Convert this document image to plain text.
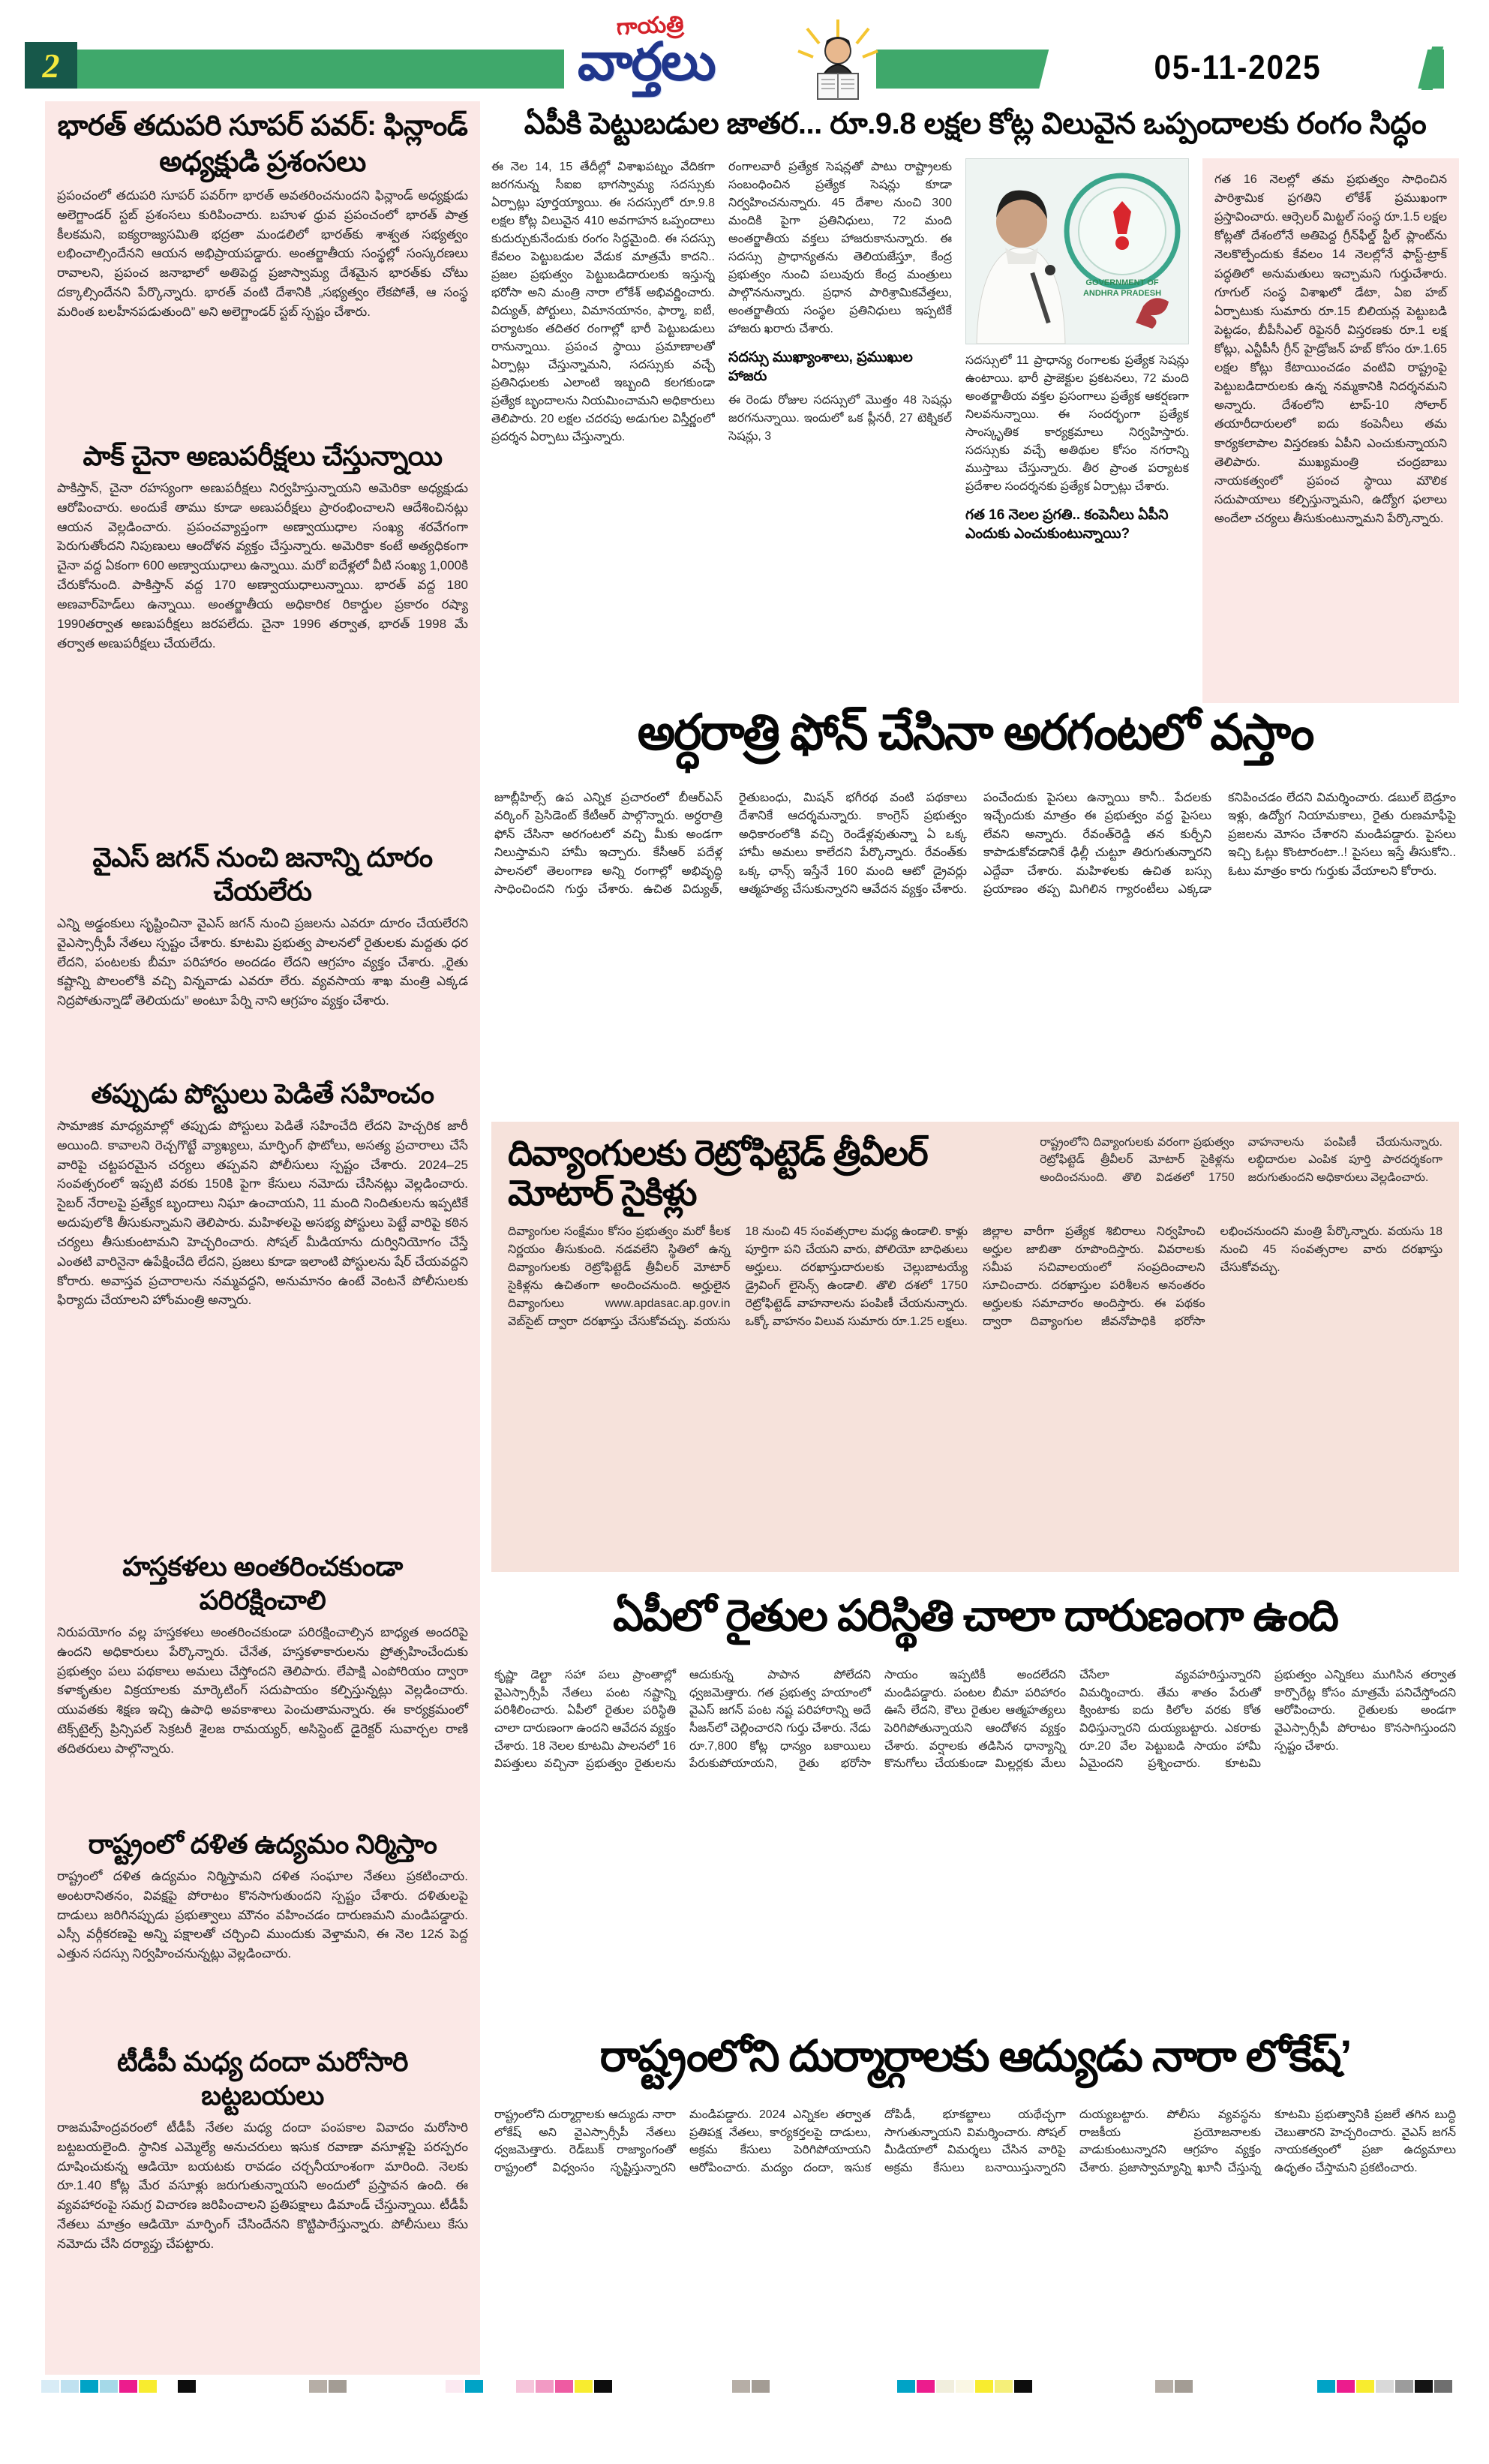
2	05-11-2025
గాయత్రి
వార్తలు
భారత్ తదుపరి సూపర్ పవర్: ఫిన్లాండ్ అధ్యక్షుడి ప్రశంసలు
ప్రపంచంలో తదుపరి సూపర్ పవర్‌గా భారత్ అవతరించనుందని ఫిన్లాండ్ అధ్యక్షుడు అలెగ్జాండర్ స్టబ్ ప్రశంసలు కురిపించారు. బహుళ ధ్రువ ప్రపంచంలో భారత్ పాత్ర కీలకమని, ఐక్యరాజ్యసమితి భద్రతా మండలిలో భారత్‌కు శాశ్వత సభ్యత్వం లభించాల్సిందేనని ఆయన అభిప్రాయపడ్డారు. అంతర్జాతీయ సంస్థల్లో సంస్కరణలు రావాలని, ప్రపంచ జనాభాలో అతిపెద్ద ప్రజాస్వామ్య దేశమైన భారత్‌కు చోటు దక్కాల్సిందేనని పేర్కొన్నారు. భారత్ వంటి దేశానికి „సభ్యత్వం లేకపోతే, ఆ సంస్థ మరింత బలహీనపడుతుంది” అని అలెగ్జాండర్ స్టబ్ స్పష్టం చేశారు.
పాక్ చైనా అణుపరీక్షలు చేస్తున్నాయి
పాకిస్తాన్, చైనా రహస్యంగా అణుపరీక్షలు నిర్వహిస్తున్నాయని అమెరికా అధ్యక్షుడు ఆరోపించారు. అందుకే తాము కూడా అణుపరీక్షలు ప్రారంభించాలని ఆదేశించినట్లు ఆయన వెల్లడించారు. ప్రపంచవ్యాప్తంగా అణ్వాయుధాల సంఖ్య శరవేగంగా పెరుగుతోందని నిపుణులు ఆందోళన వ్యక్తం చేస్తున్నారు. అమెరికా కంటే అత్యధికంగా చైనా వద్ద ఏకంగా 600 అణ్వాయుధాలు ఉన్నాయి. మరో ఐదేళ్లలో వీటి సంఖ్య 1,000కి చేరుకోనుంది. పాకిస్తాన్ వద్ద 170 అణ్వాయుధాలున్నాయి. భారత్ వద్ద 180 అణవార్‌హెడ్‌లు ఉన్నాయి. అంతర్జాతీయ అధికారిక రికార్డుల ప్రకారం రష్యా 1990తర్వాత అణుపరీక్షలు జరపలేదు. చైనా 1996 తర్వాత, భారత్ 1998 మే తర్వాత అణుపరీక్షలు చేయలేదు.
వైఎస్ జగన్ నుంచి జనాన్ని దూరం చేయలేరు
ఎన్ని అడ్డంకులు సృష్టించినా వైఎస్ జగన్ నుంచి ప్రజలను ఎవరూ దూరం చేయలేరని వైఎస్సార్సీపీ నేతలు స్పష్టం చేశారు. కూటమి ప్రభుత్వ పాలనలో రైతులకు మద్దతు ధర లేదని, పంటలకు బీమా పరిహారం అందడం లేదని ఆగ్రహం వ్యక్తం చేశారు. „రైతు కష్టాన్ని పొలంలోకి వచ్చి విన్నవాడు ఎవరూ లేరు. వ్యవసాయ శాఖ మంత్రి ఎక్కడ నిద్రపోతున్నాడో తెలియదు” అంటూ పేర్ని నాని ఆగ్రహం వ్యక్తం చేశారు.
తప్పుడు పోస్టులు పెడితే సహించం
సామాజిక మాధ్యమాల్లో తప్పుడు పోస్టులు పెడితే సహించేది లేదని హెచ్చరిక జారీ అయింది. కావాలని రెచ్చగొట్టే వ్యాఖ్యలు, మార్ఫింగ్ ఫొటోలు, అసత్య ప్రచారాలు చేసే వారిపై చట్టపరమైన చర్యలు తప్పవని పోలీసులు స్పష్టం చేశారు. 2024–25 సంవత్సరంలో ఇప్పటి వరకు 150కి పైగా కేసులు నమోదు చేసినట్లు వెల్లడించారు. సైబర్ నేరాలపై ప్రత్యేక బృందాలు నిఘా ఉంచాయని, 11 మంది నిందితులను ఇప్పటికే అదుపులోకి తీసుకున్నామని తెలిపారు. మహిళలపై అసభ్య పోస్టులు పెట్టే వారిపై కఠిన చర్యలు తీసుకుంటామని హెచ్చరించారు. సోషల్ మీడియాను దుర్వినియోగం చేస్తే ఎంతటి వారినైనా ఉపేక్షించేది లేదని, ప్రజలు కూడా ఇలాంటి పోస్టులను షేర్ చేయవద్దని కోరారు. అవాస్తవ ప్రచారాలను నమ్మవద్దని, అనుమానం ఉంటే వెంటనే పోలీసులకు ఫిర్యాదు చేయాలని హోంమంత్రి అన్నారు.
హస్తకళలు అంతరించకుండా పరిరక్షించాలి
నిరుపయోగం వల్ల హస్తకళలు అంతరించకుండా పరిరక్షించాల్సిన బాధ్యత అందరిపై ఉందని అధికారులు పేర్కొన్నారు. చేనేత, హస్తకళాకారులను ప్రోత్సహించేందుకు ప్రభుత్వం పలు పథకాలు అమలు చేస్తోందని తెలిపారు. లేపాక్షి ఎంపోరియం ద్వారా కళాకృతుల విక్రయాలకు మార్కెటింగ్ సదుపాయం కల్పిస్తున్నట్లు వెల్లడించారు. యువతకు శిక్షణ ఇచ్చి ఉపాధి అవకాశాలు పెంచుతామన్నారు. ఈ కార్యక్రమంలో టెక్స్‌టైల్స్ ప్రిన్సిపల్ సెక్రటరీ శైలజ రామయ్యర్, అసిస్టెంట్ డైరెక్టర్ సువార్చల రాణి తదితరులు పాల్గొన్నారు.
రాష్ట్రంలో దళిత ఉద్యమం నిర్మిస్తాం
రాష్ట్రంలో దళిత ఉద్యమం నిర్మిస్తామని దళిత సంఘాల నేతలు ప్రకటించారు. అంటరానితనం, వివక్షపై పోరాటం కొనసాగుతుందని స్పష్టం చేశారు. దళితులపై దాడులు జరిగినప్పుడు ప్రభుత్వాలు మౌనం వహించడం దారుణమని మండిపడ్డారు. ఎస్సీ వర్గీకరణపై అన్ని పక్షాలతో చర్చించి ముందుకు వెళ్తామని, ఈ నెల 12న పెద్ద ఎత్తున సదస్సు నిర్వహించనున్నట్లు వెల్లడించారు.
టీడీపీ మధ్య దందా మరోసారి బట్టబయలు
రాజమహేంద్రవరంలో టీడీపీ నేతల మధ్య దందా పంపకాల వివాదం మరోసారి బట్టబయలైంది. స్థానిక ఎమ్మెల్యే అనుచరులు ఇసుక రవాణా వసూళ్లపై పరస్పరం దూషించుకున్న ఆడియో బయటకు రావడం చర్చనీయాంశంగా మారింది. నెలకు రూ.1.40 కోట్ల మేర వసూళ్లు జరుగుతున్నాయని అందులో ప్రస్తావన ఉంది. ఈ వ్యవహారంపై సమగ్ర విచారణ జరిపించాలని ప్రతిపక్షాలు డిమాండ్ చేస్తున్నాయి. టీడీపీ నేతలు మాత్రం ఆడియో మార్ఫింగ్ చేసిందేనని కొట్టిపారేస్తున్నారు. పోలీసులు కేసు నమోదు చేసి దర్యాప్తు చేపట్టారు.
ఏపీకి పెట్టుబడుల జాతర... రూ.9.8 లక్షల కోట్ల విలువైన ఒప్పందాలకు రంగం సిద్ధం
ఈ నెల 14, 15 తేదీల్లో విశాఖపట్నం వేదికగా జరగనున్న సీఐఐ భాగస్వామ్య సదస్సుకు ఏర్పాట్లు పూర్తయ్యాయి. ఈ సదస్సులో రూ.9.8 లక్షల కోట్ల విలువైన 410 అవగాహన ఒప్పందాలు కుదుర్చుకునేందుకు రంగం సిద్ధమైంది. ఈ సదస్సు కేవలం పెట్టుబడుల వేడుక మాత్రమే కాదని.. ప్రజల ప్రభుత్వం పెట్టుబడిదారులకు ఇస్తున్న భరోసా అని మంత్రి నారా లోకేశ్ అభివర్ణించారు. విద్యుత్, పోర్టులు, విమానయానం, ఫార్మా, ఐటీ, పర్యాటకం తదితర రంగాల్లో భారీ పెట్టుబడులు రానున్నాయి. ప్రపంచ స్థాయి ప్రమాణాలతో ఏర్పాట్లు చేస్తున్నామని, సదస్సుకు వచ్చే ప్రతినిధులకు ఎలాంటి ఇబ్బంది కలగకుండా ప్రత్యేక బృందాలను నియమించామని అధికారులు తెలిపారు. 20 లక్షల చదరపు అడుగుల విస్తీర్ణంలో ప్రదర్శన ఏర్పాటు చేస్తున్నారు.
రంగాలవారీ ప్రత్యేక సెషన్లతో పాటు రాష్ట్రాలకు సంబంధించిన ప్రత్యేక సెషన్లు కూడా నిర్వహించనున్నారు. 45 దేశాల నుంచి 300 మందికి పైగా ప్రతినిధులు, 72 మంది అంతర్జాతీయ వక్తలు హాజరుకానున్నారు. ఈ సదస్సు ప్రాధాన్యతను తెలియజేస్తూ, కేంద్ర ప్రభుత్వం నుంచి పలువురు కేంద్ర మంత్రులు పాల్గొననున్నారు. ప్రధాన పారిశ్రామికవేత్తలు, అంతర్జాతీయ సంస్థల ప్రతినిధులు ఇప్పటికే హాజరు ఖరారు చేశారు.
సదస్సు ముఖ్యాంశాలు, ప్రముఖుల హాజరు
ఈ రెండు రోజుల సదస్సులో మొత్తం 48 సెషన్లు జరగనున్నాయి. ఇందులో ఒక ప్లీనరీ, 27 టెక్నికల్ సెషన్లు, 3
GOVERNMENT OF
ANDHRA PRADESH
సదస్సులో 11 ప్రాధాన్య రంగాలకు ప్రత్యేక సెషన్లు ఉంటాయి. భారీ ప్రాజెక్టుల ప్రకటనలు, 72 మంది అంతర్జాతీయ వక్తల ప్రసంగాలు ప్రత్యేక ఆకర్షణగా నిలవనున్నాయి. ఈ సందర్భంగా ప్రత్యేక సాంస్కృతిక కార్యక్రమాలు నిర్వహిస్తారు. సదస్సుకు వచ్చే అతిథుల కోసం నగరాన్ని ముస్తాబు చేస్తున్నారు. తీర ప్రాంత పర్యాటక ప్రదేశాల సందర్శనకు ప్రత్యేక ఏర్పాట్లు చేశారు.
గత 16 నెలల ప్రగతి.. కంపెనీలు ఏపీని ఎందుకు ఎంచుకుంటున్నాయి?
గత 16 నెలల్లో తమ ప్రభుత్వం సాధించిన పారిశ్రామిక ప్రగతిని లోకేశ్ ప్రముఖంగా ప్రస్తావించారు. ఆర్సెలర్ మిట్టల్ సంస్థ రూ.1.5 లక్షల కోట్లతో దేశంలోనే అతిపెద్ద గ్రీన్‌ఫీల్డ్ స్టీల్ ప్లాంట్‌ను నెలకొల్పేందుకు కేవలం 14 నెలల్లోనే ఫాస్ట్-ట్రాక్ పద్ధతిలో అనుమతులు ఇచ్చామని గుర్తుచేశారు. గూగుల్ సంస్థ విశాఖలో డేటా, ఏఐ హబ్ ఏర్పాటుకు సుమారు రూ.15 బిలియన్ల పెట్టుబడి పెట్టడం, బీపీసీఎల్ రిఫైనరీ విస్తరణకు రూ.1 లక్ష కోట్లు, ఎన్టీపీసీ గ్రీన్ హైడ్రోజన్ హబ్ కోసం రూ.1.65 లక్షల కోట్లు కేటాయించడం వంటివి రాష్ట్రంపై పెట్టుబడిదారులకు ఉన్న నమ్మకానికి నిదర్శనమని అన్నారు. దేశంలోని టాప్-10 సోలార్ తయారీదారులలో ఐదు కంపెనీలు తమ కార్యకలాపాల విస్తరణకు ఏపీని ఎంచుకున్నాయని తెలిపారు. ముఖ్యమంత్రి చంద్రబాబు నాయకత్వంలో ప్రపంచ స్థాయి మౌలిక సదుపాయాలు కల్పిస్తున్నామని, ఉద్యోగ ఫలాలు అందేలా చర్యలు తీసుకుంటున్నామని పేర్కొన్నారు.
అర్ధరాత్రి ఫోన్ చేసినా అరగంటలో వస్తాం
జూబ్లీహిల్స్ ఉప ఎన్నిక ప్రచారంలో బీఆర్ఎస్ వర్కింగ్ ప్రెసిడెంట్ కేటీఆర్ పాల్గొన్నారు. అర్ధరాత్రి ఫోన్ చేసినా అరగంటలో వచ్చి మీకు అండగా నిలుస్తామని హామీ ఇచ్చారు. కేసీఆర్ పదేళ్ల పాలనలో తెలంగాణ అన్ని రంగాల్లో అభివృద్ధి సాధించిందని గుర్తు చేశారు. ఉచిత విద్యుత్, రైతుబంధు, మిషన్ భగీరథ వంటి పథకాలు దేశానికే ఆదర్శమన్నారు. కాంగ్రెస్ ప్రభుత్వం అధికారంలోకి వచ్చి రెండేళ్లవుతున్నా ఏ ఒక్క హామీ అమలు కాలేదని పేర్కొన్నారు. రేవంత్‌కు ఒక్క ఛాన్స్ ఇస్తేనే 160 మంది ఆటో డ్రైవర్లు ఆత్మహత్య చేసుకున్నారని ఆవేదన వ్యక్తం చేశారు. పంచేందుకు పైసలు ఉన్నాయి కానీ.. పేదలకు ఇచ్చేందుకు మాత్రం ఈ ప్రభుత్వం వద్ద పైసలు లేవని అన్నారు. రేవంత్‌రెడ్డి తన కుర్చీని కాపాడుకోవడానికే ఢిల్లీ చుట్టూ తిరుగుతున్నారని ఎద్దేవా చేశారు. మహిళలకు ఉచిత బస్సు ప్రయాణం తప్ప మిగిలిన గ్యారంటీలు ఎక్కడా కనిపించడం లేదని విమర్శించారు. డబుల్ బెడ్రూం ఇళ్లు, ఉద్యోగ నియామకాలు, రైతు రుణమాఫీపై ప్రజలను మోసం చేశారని మండిపడ్డారు. పైసలు ఇచ్చి ఓట్లు కొంటారంటా..! పైసలు ఇస్తే తీసుకోని.. ఓటు మాత్రం కారు గుర్తుకు వేయాలని కోరారు.
దివ్యాంగులకు రెట్రోఫిట్టెడ్ త్రీవీలర్ మోటార్ సైకిళ్లు
రాష్ట్రంలోని దివ్యాంగులకు వరంగా ప్రభుత్వం రెట్రోఫిట్టెడ్ త్రీవీలర్ మోటార్ సైకిళ్లను అందించనుంది. తొలి విడతలో 1750 వాహనాలను పంపిణీ చేయనున్నారు. లబ్ధిదారుల ఎంపిక పూర్తి పారదర్శకంగా జరుగుతుందని అధికారులు వెల్లడించారు.
దివ్యాంగుల సంక్షేమం కోసం ప్రభుత్వం మరో కీలక నిర్ణయం తీసుకుంది. నడవలేని స్థితిలో ఉన్న దివ్యాంగులకు రెట్రోఫిట్టెడ్ త్రీవీలర్ మోటార్ సైకిళ్లను ఉచితంగా అందించనుంది. అర్హులైన దివ్యాంగులు www.apdasac.ap.gov.in వెబ్‌సైట్ ద్వారా దరఖాస్తు చేసుకోవచ్చు. వయసు 18 నుంచి 45 సంవత్సరాల మధ్య ఉండాలి. కాళ్లు పూర్తిగా పని చేయని వారు, పోలియో బాధితులు అర్హులు. దరఖాస్తుదారులకు చెల్లుబాటయ్యే డ్రైవింగ్ లైసెన్స్ ఉండాలి. తొలి దశలో 1750 రెట్రోఫిట్టెడ్ వాహనాలను పంపిణీ చేయనున్నారు. ఒక్కో వాహనం విలువ సుమారు రూ.1.25 లక్షలు. జిల్లాల వారీగా ప్రత్యేక శిబిరాలు నిర్వహించి అర్హుల జాబితా రూపొందిస్తారు. వివరాలకు సమీప సచివాలయంలో సంప్రదించాలని సూచించారు. దరఖాస్తుల పరిశీలన అనంతరం అర్హులకు సమాచారం అందిస్తారు. ఈ పథకం ద్వారా దివ్యాంగుల జీవనోపాధికి భరోసా లభించనుందని మంత్రి పేర్కొన్నారు. వయసు 18 నుంచి 45 సంవత్సరాల వారు దరఖాస్తు చేసుకోవచ్చు.
ఏపీలో రైతుల పరిస్థితి చాలా దారుణంగా ఉంది
కృష్ణా డెల్టా సహా పలు ప్రాంతాల్లో వైఎస్సార్సీపీ నేతలు పంట నష్టాన్ని పరిశీలించారు. ఏపీలో రైతుల పరిస్థితి చాలా దారుణంగా ఉందని ఆవేదన వ్యక్తం చేశారు. 18 నెలల కూటమి పాలనలో 16 విపత్తులు వచ్చినా ప్రభుత్వం రైతులను ఆదుకున్న పాపాన పోలేదని ధ్వజమెత్తారు. గత ప్రభుత్వ హయాంలో వైఎస్ జగన్ పంట నష్ట పరిహారాన్ని అదే సీజన్‌లో చెల్లించారని గుర్తు చేశారు. నేడు రూ.7,800 కోట్ల ధాన్యం బకాయిలు పేరుకుపోయాయని, రైతు భరోసా సాయం ఇప్పటికీ అందలేదని మండిపడ్డారు. పంటల బీమా పరిహారం ఊసే లేదని, కౌలు రైతుల ఆత్మహత్యలు పెరిగిపోతున్నాయని ఆందోళన వ్యక్తం చేశారు. వర్షాలకు తడిసిన ధాన్యాన్ని కొనుగోలు చేయకుండా మిల్లర్లకు మేలు చేసేలా వ్యవహరిస్తున్నారని విమర్శించారు. తేమ శాతం పేరుతో క్వింటాకు ఐదు కిలోల వరకు కోత విధిస్తున్నారని దుయ్యబట్టారు. ఎకరాకు రూ.20 వేల పెట్టుబడి సాయం హామీ ఏమైందని ప్రశ్నించారు. కూటమి ప్రభుత్వం ఎన్నికలు ముగిసిన తర్వాత కార్పొరేట్ల కోసం మాత్రమే పనిచేస్తోందని ఆరోపించారు. రైతులకు అండగా వైఎస్సార్సీపీ పోరాటం కొనసాగిస్తుందని స్పష్టం చేశారు.
రాష్ట్రంలోని దుర్మార్గాలకు ఆద్యుడు నారా లోకేష్’
రాష్ట్రంలోని దుర్మార్గాలకు ఆద్యుడు నారా లోకేష్ అని వైఎస్సార్సీపీ నేతలు ధ్వజమెత్తారు. రెడ్‌బుక్ రాజ్యాంగంతో రాష్ట్రంలో విధ్వంసం సృష్టిస్తున్నారని మండిపడ్డారు. 2024 ఎన్నికల తర్వాత ప్రతిపక్ష నేతలు, కార్యకర్తలపై దాడులు, అక్రమ కేసులు పెరిగిపోయాయని ఆరోపించారు. మద్యం దందా, ఇసుక దోపిడీ, భూకబ్జాలు యథేచ్ఛగా సాగుతున్నాయని విమర్శించారు. సోషల్ మీడియాలో విమర్శలు చేసిన వారిపై అక్రమ కేసులు బనాయిస్తున్నారని దుయ్యబట్టారు. పోలీసు వ్యవస్థను రాజకీయ ప్రయోజనాలకు వాడుకుంటున్నారని ఆగ్రహం వ్యక్తం చేశారు. ప్రజాస్వామ్యాన్ని ఖూనీ చేస్తున్న కూటమి ప్రభుత్వానికి ప్రజలే తగిన బుద్ధి చెబుతారని హెచ్చరించారు. వైఎస్ జగన్ నాయకత్వంలో ప్రజా ఉద్యమాలు ఉధృతం చేస్తామని ప్రకటించారు.
